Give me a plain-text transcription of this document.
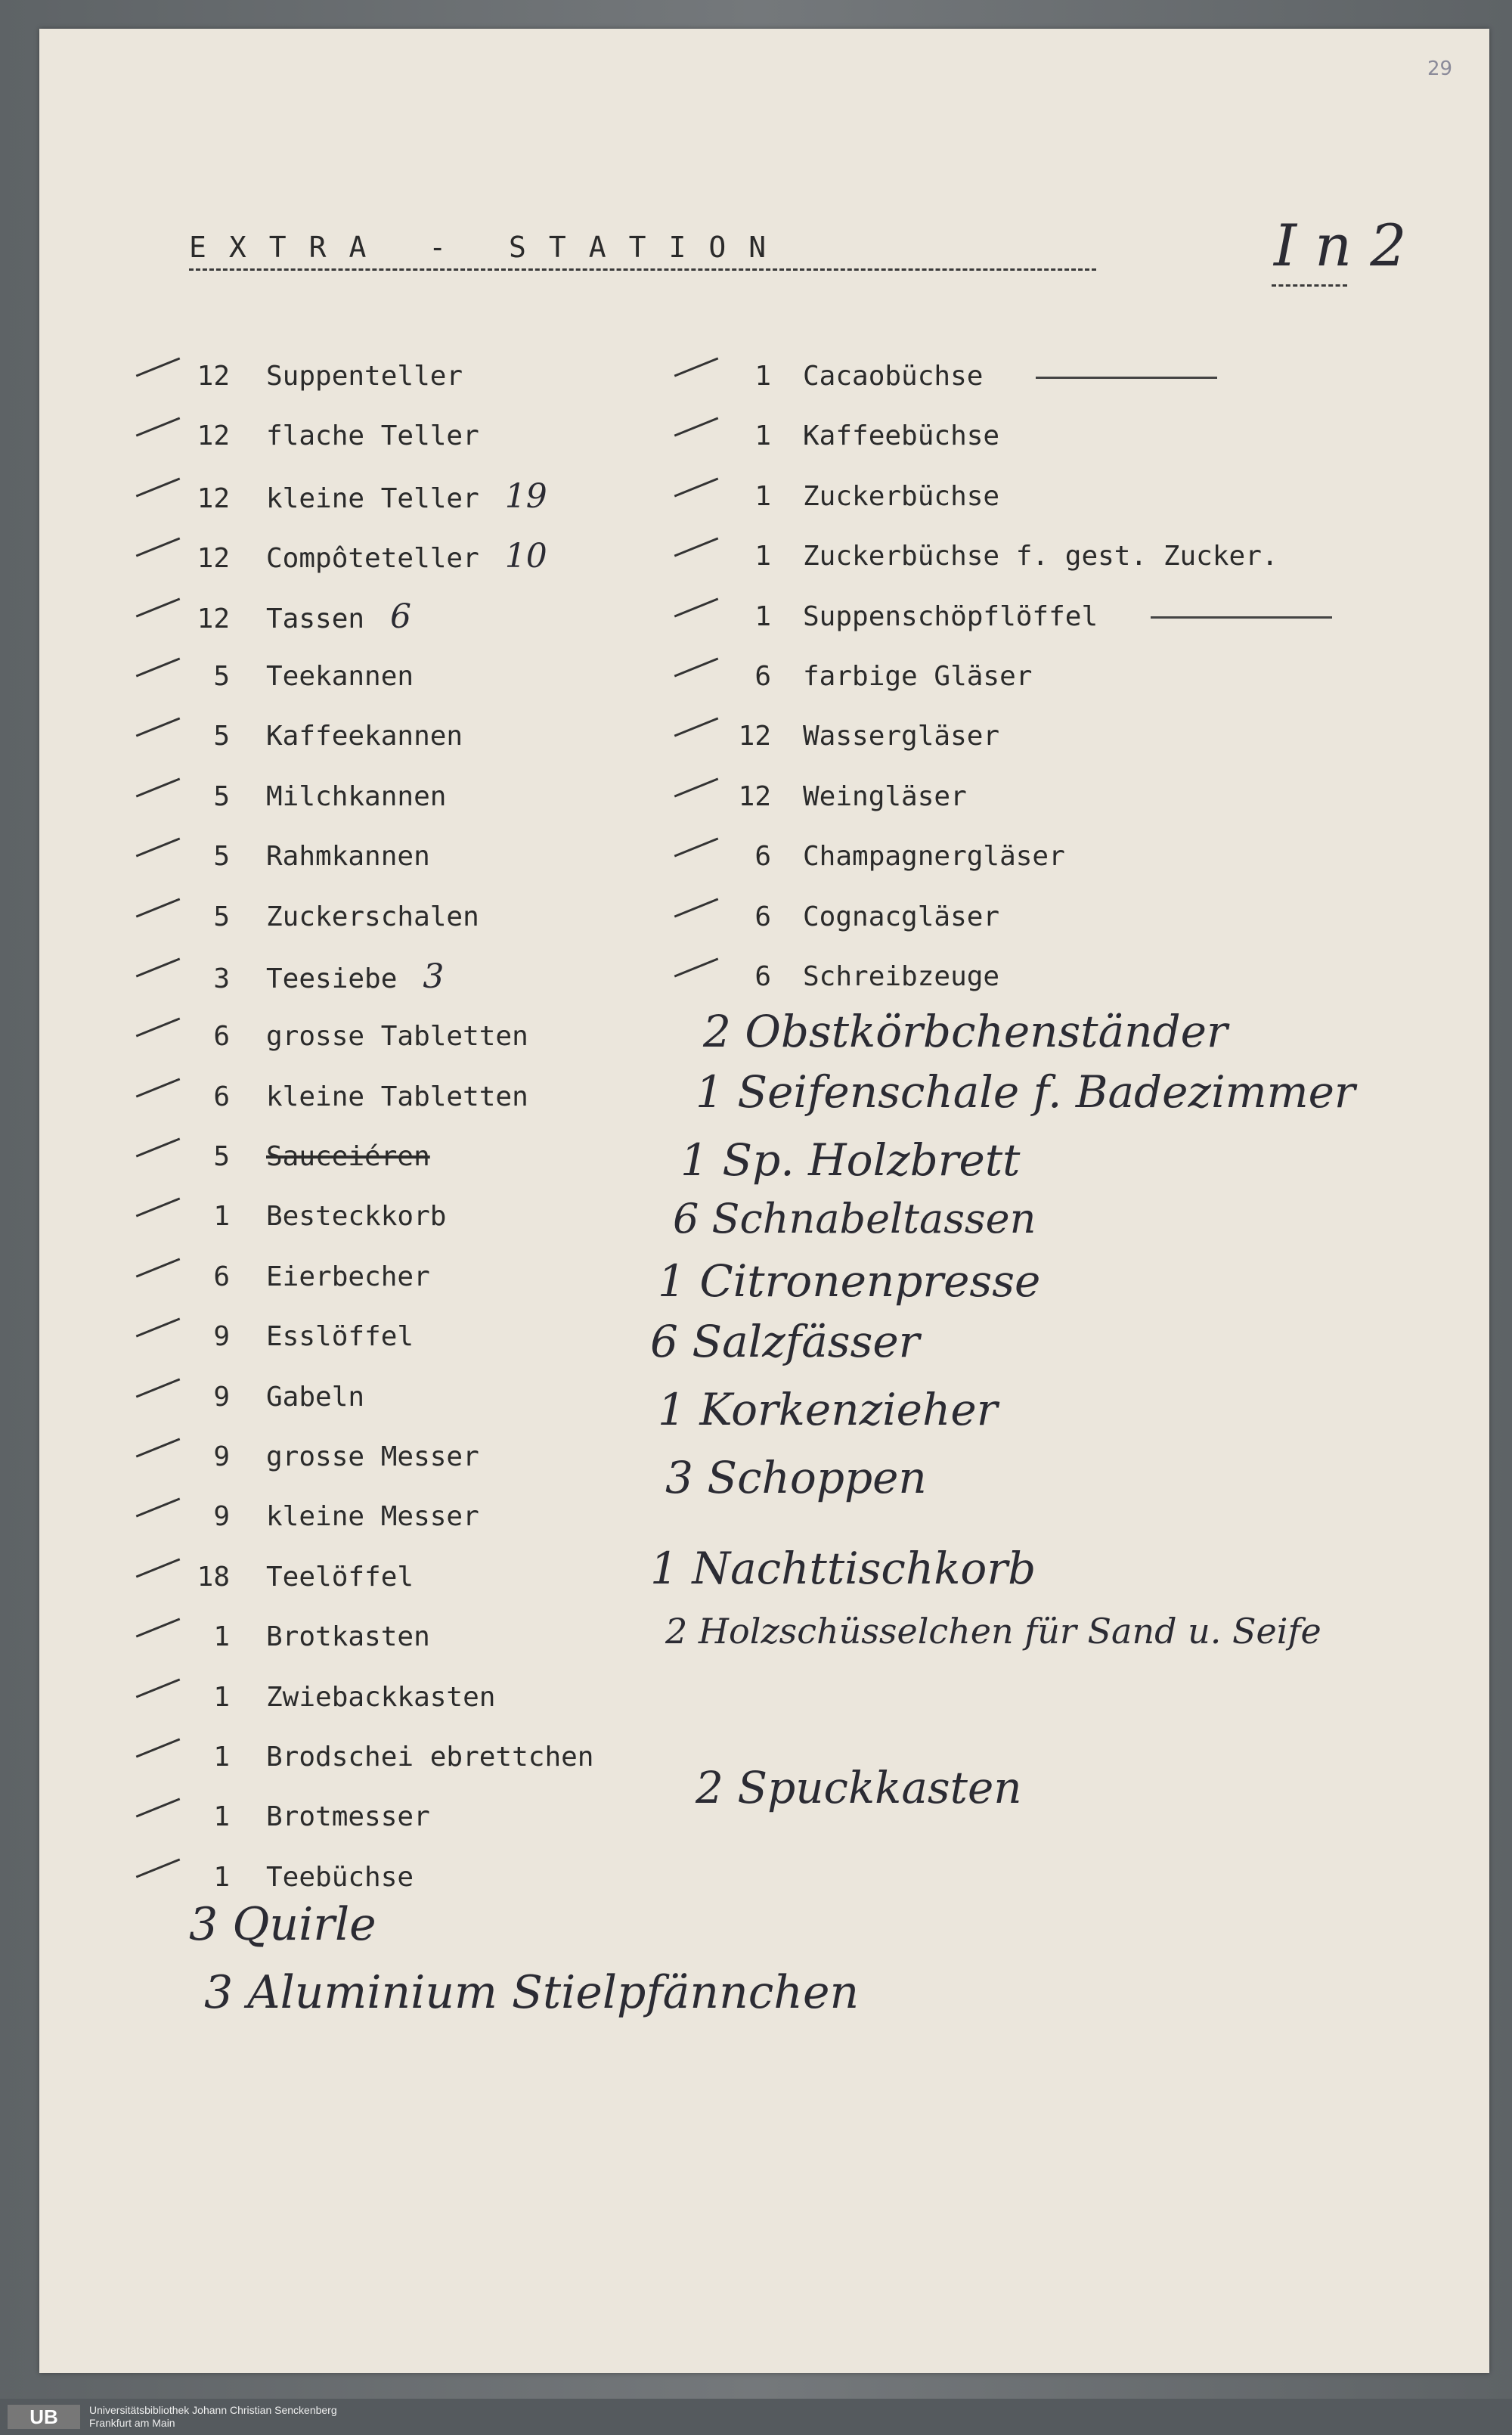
29
EXTRA - STATION	I n 2
12 Suppenteller
12 flache Teller
12 kleine Teller 19
12 Compôteteller 10
12 Tassen 6
5 Teekannen
5 Kaffeekannen
5 Milchkannen
5 Rahmkannen
5 Zuckerschalen
3 Teesiebe 3
6 grosse Tabletten
6 kleine Tabletten
5 Sauceiéren
1 Besteckkorb
6 Eierbecher
9 Esslöffel
9 Gabeln
9 grosse Messer
9 kleine Messer
18 Teelöffel
1 Brotkasten
1 Zwiebackkasten
1 Brodschei ebrettchen
1 Brotmesser
1 Teebüchse
1 Cacaobüchse
1 Kaffeebüchse
1 Zuckerbüchse
1 Zuckerbüchse f. gest. Zucker.
1 Suppenschöpflöffel
6 farbige Gläser
12 Wassergläser
12 Weingläser
6 Champagnergläser
6 Cognacgläser
6 Schreibzeuge
2 Obstkörbchenständer
1 Seifenschale f. Badezimmer
1 Sp. Holzbrett
6 Schnabeltassen
1 Citronenpresse
6 Salzfässer
1 Korkenzieher
3 Schoppen
1 Nachttischkorb
2 Holzschüsselchen für Sand u. Seife
2 Spuckkasten
3 Quirle
3 Aluminium Stielpfännchen
UB	Universitätsbibliothek Johann Christian Senckenberg
Frankfurt am Main
